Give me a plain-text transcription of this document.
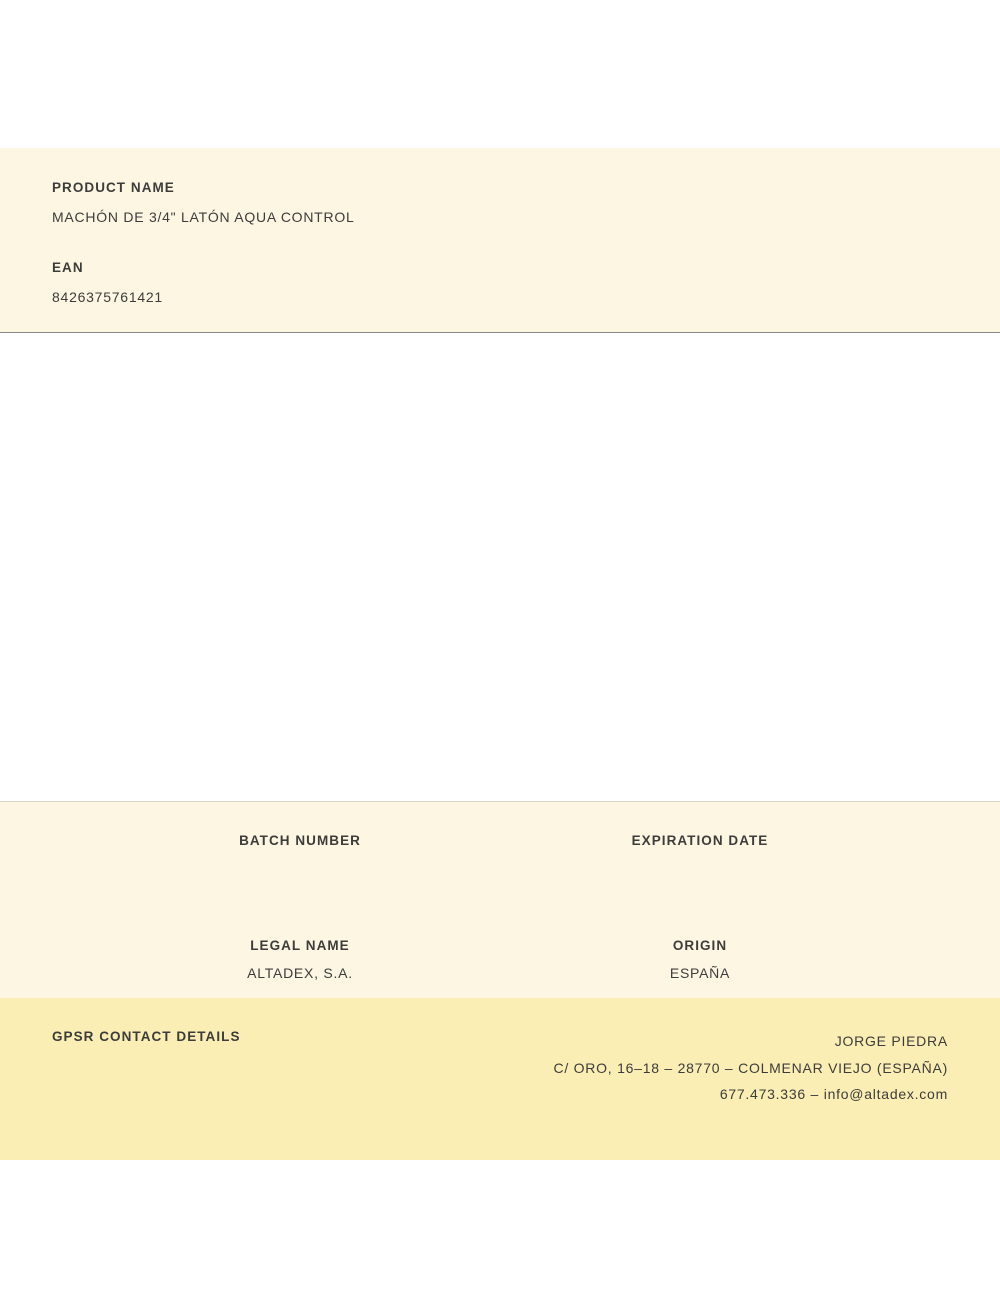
PRODUCT NAME

MACHÓN DE 3/4" LATÓN AQUA CONTROL

EAN

8426375761421

BATCH NUMBER	EXPIRATION DATE

LEGAL NAME

ALTADEX, S.A.

ORIGIN

ESPAÑA

GPSR CONTACT DETAILS	JORGE PIEDRA

C/ ORO, 16–18 – 28770 – COLMENAR VIEJO (ESPAÑA)

677.473.336 – info@altadex.com
